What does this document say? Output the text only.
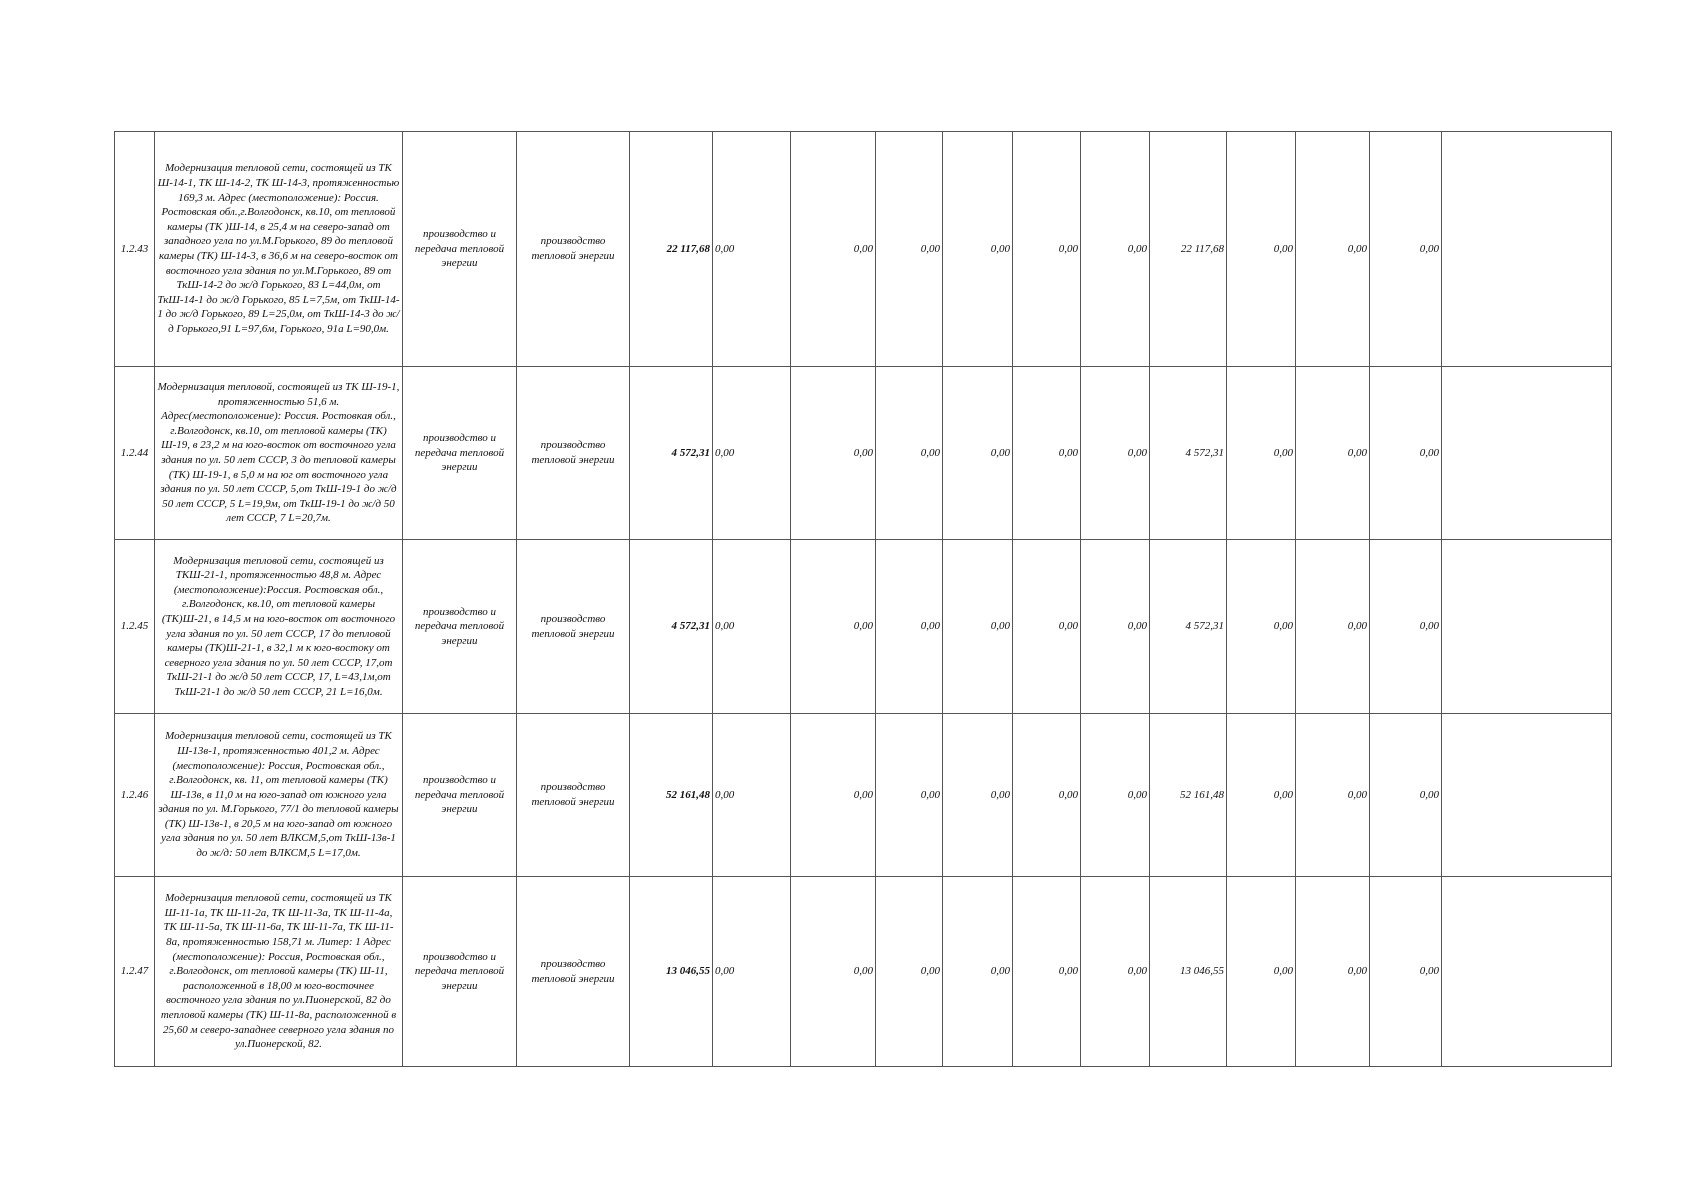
1.2.43	Модернизация тепловой сети, состоящей из ТК Ш-14-1, ТК Ш-14-2, ТК Ш-14-3, протяженностью 169,3 м. Адрес (местоположение): Россия. Ростовская обл.,г.Волгодонск, кв.10, от тепловой камеры (ТК )Ш-14, в 25,4 м на северо-запад от западного угла по ул.М.Горького, 89 до тепловой камеры (ТК) Ш-14-3, в 36,6 м на северо-восток от восточного угла здания по ул.М.Горького, 89 от ТкШ-14-2 до ж/д Горького, 83 L=44,0м, от ТкШ-14-1 до ж/д Горького, 85 L=7,5м, от ТкШ-14-1 до ж/д Горького, 89 L=25,0м, от ТкШ-14-3 до ж/д Горького,91 L=97,6м, Горького, 91а L=90,0м.	производство и передача тепловой энергии	производство тепловой энергии	22 117,68	0,00	0,00	0,00	0,00	0,00	0,00	22 117,68	0,00	0,00	0,00	
1.2.44	Модернизация тепловой, состоящей из ТК Ш-19-1, протяженностью 51,6 м. Адрес(местоположение): Россия. Ростовкая обл., г.Волгодонск, кв.10, от тепловой камеры (ТК) Ш-19, в 23,2 м на юго-восток от восточного угла здания по ул. 50 лет СССР, 3 до тепловой камеры (ТК) Ш-19-1, в 5,0 м на юг от восточного угла здания по ул. 50 лет СССР, 5,от ТкШ-19-1 до ж/д 50 лет СССР, 5 L=19,9м, от ТкШ-19-1 до ж/д 50 лет СССР, 7 L=20,7м.	производство и передача тепловой энергии	производство тепловой энергии	4 572,31	0,00	0,00	0,00	0,00	0,00	0,00	4 572,31	0,00	0,00	0,00	
1.2.45	Модернизация тепловой сети, состоящей из ТКШ-21-1, протяженностью 48,8 м. Адрес (местоположение):Россия. Ростовская обл., г.Волгодонск, кв.10, от тепловой камеры (ТК)Ш-21, в 14,5 м на юго-восток от восточного угла здания по ул. 50 лет СССР, 17 до тепловой камеры (ТК)Ш-21-1, в 32,1 м к юго-востоку от северного угла здания по ул. 50 лет СССР, 17,от ТкШ-21-1 до ж/д 50 лет СССР, 17, L=43,1м,от ТкШ-21-1 до ж/д 50 лет СССР, 21 L=16,0м.	производство и передача тепловой энергии	производство тепловой энергии	4 572,31	0,00	0,00	0,00	0,00	0,00	0,00	4 572,31	0,00	0,00	0,00	
1.2.46	Модернизация тепловой сети, состоящей из ТК Ш-13в-1, протяженностью 401,2 м. Адрес (местоположение): Россия, Ростовская обл., г.Волгодонск, кв. 11, от тепловой камеры (ТК) Ш-13в, в 11,0 м на юго-запад от южного угла здания по ул. М.Горького, 77/1 до тепловой камеры (ТК) Ш-13в-1, в 20,5 м на юго-запад от южного угла здания по ул. 50 лет ВЛКСМ,5,от ТкШ-13в-1 до ж/д: 50 лет ВЛКСМ,5 L=17,0м.	производство и передача тепловой энергии	производство тепловой энергии	52 161,48	0,00	0,00	0,00	0,00	0,00	0,00	52 161,48	0,00	0,00	0,00	
1.2.47	Модернизация тепловой сети, состоящей из ТК Ш-11-1а, ТК Ш-11-2а, ТК Ш-11-3а, ТК Ш-11-4а, ТК Ш-11-5а, ТК Ш-11-6а, ТК Ш-11-7а, ТК Ш-11-8а, протяженностью 158,71 м. Литер: 1 Адрес (местоположение): Россия, Ростовская обл., г.Волгодонск, от тепловой камеры (ТК) Ш-11, расположенной в 18,00 м юго-восточнее восточного угла здания по ул.Пионерской, 82 до тепловой камеры (ТК) Ш-11-8а, расположенной в 25,60 м северо-западнее северного угла здания по ул.Пионерской, 82.	производство и передача тепловой энергии	производство тепловой энергии	13 046,55	0,00	0,00	0,00	0,00	0,00	0,00	13 046,55	0,00	0,00	0,00	
